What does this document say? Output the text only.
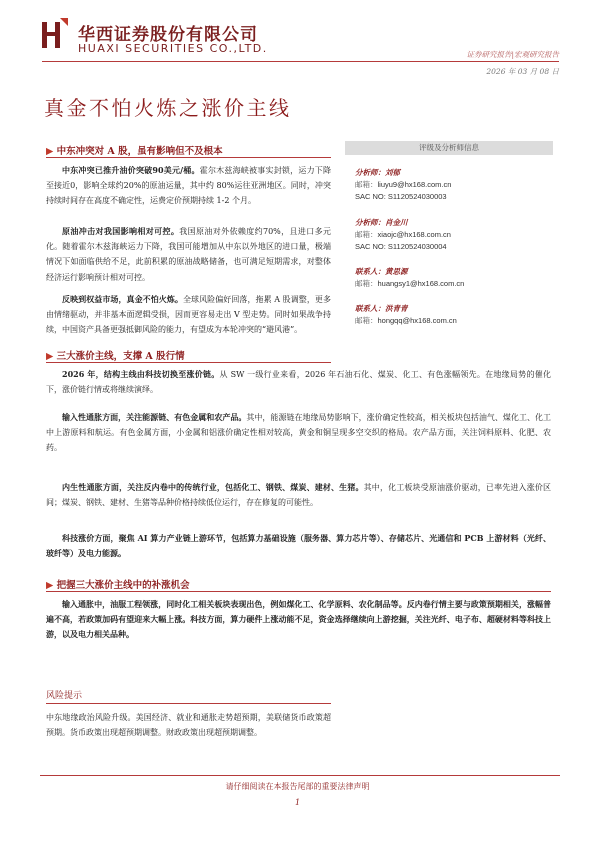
华西证券股份有限公司
HUAXI SECURITIES CO.,LTD.	证券研究报告|宏观研究报告
2026 年 03 月 08 日
真金不怕火炼之涨价主线
▶ 中东冲突对 A 股，虽有影响但不及根本
中东冲突已推升油价突破90美元/桶。霍尔木兹海峡被事实封锁，运力下降至接近0，影响全球约20%的原油运量，其中约 80%运往亚洲地区。同时，冲突持续时间存在高度不确定性，运费定价预期持续 1-2 个月。
原油冲击对我国影响相对可控。我国原油对外依赖度约70%，且进口多元化。随着霍尔木兹海峡运力下降，我国可能增加从中东以外地区的进口量，极端情况下如面临供给不足，此前积累的原油战略储备，也可满足短期需求，对整体经济运行影响预计相对可控。
反映到权益市场，真金不怕火炼。全球风险偏好回落，拖累 A 股调整，更多由情绪驱动，并非基本面逻辑受损，因而更容易走出 V 型走势。同时如果战争持续，中国资产具备更强抵御风险的能力，有望成为本轮冲突的“避风港”。
▶ 三大涨价主线，支撑 A 股行情
2026 年，结构主线由科技切换至涨价链。从 SW 一级行业来看，2026 年石油石化、煤炭、化工、有色涨幅领先。在地缘局势的催化下，涨价链行情或将继续演绎。
输入性通胀方面，关注能源链、有色金属和农产品。其中，能源链在地缘局势影响下，涨价确定性较高，相关板块包括油气、煤化工、化工中上游原料和航运。有色金属方面，小金属和铝涨价确定性相对较高，黄金和铜呈现多空交织的格局。农产品方面，关注饲料原料、化肥、农药。
内生性通胀方面，关注反内卷中的传统行业，包括化工、钢铁、煤炭、建材、生猪。其中，化工板块受原油涨价驱动，已率先进入涨价区间；煤炭、钢铁、建材、生猪等品种价格持续低位运行，存在修复的可能性。
科技涨价方面，聚焦 AI 算力产业链上游环节，包括算力基础设施（服务器、算力芯片等）、存储芯片、光通信和 PCB 上游材料（光纤、玻纤等）及电力能源。
▶ 把握三大涨价主线中的补涨机会
输入通胀中，油服工程领涨，同时化工相关板块表现出色，例如煤化工、化学原料、农化制品等。反内卷行情主要与政策预期相关，涨幅普遍不高，若政策加码有望迎来大幅上涨。科技方面，算力硬件上涨动能不足，资金选择继续向上游挖掘，关注光纤、电子布、超硬材料等科技上游，以及电力相关品种。
风险提示
中东地缘政治风险升级。美国经济、就业和通胀走势超预期，美联储货币政策超预期。货币政策出现超预期调整。财政政策出现超预期调整。
评级及分析师信息
分析师：刘郁
邮箱：liuyu9@hx168.com.cn
SAC NO: S1120524030003
分析师：肖金川
邮箱：xiaojc@hx168.com.cn
SAC NO: S1120524030004
联系人：黄思源
邮箱：huangsy1@hx168.com.cn
联系人：洪青青
邮箱：hongqq@hx168.com.cn
请仔细阅读在本报告尾部的重要法律声明
1
